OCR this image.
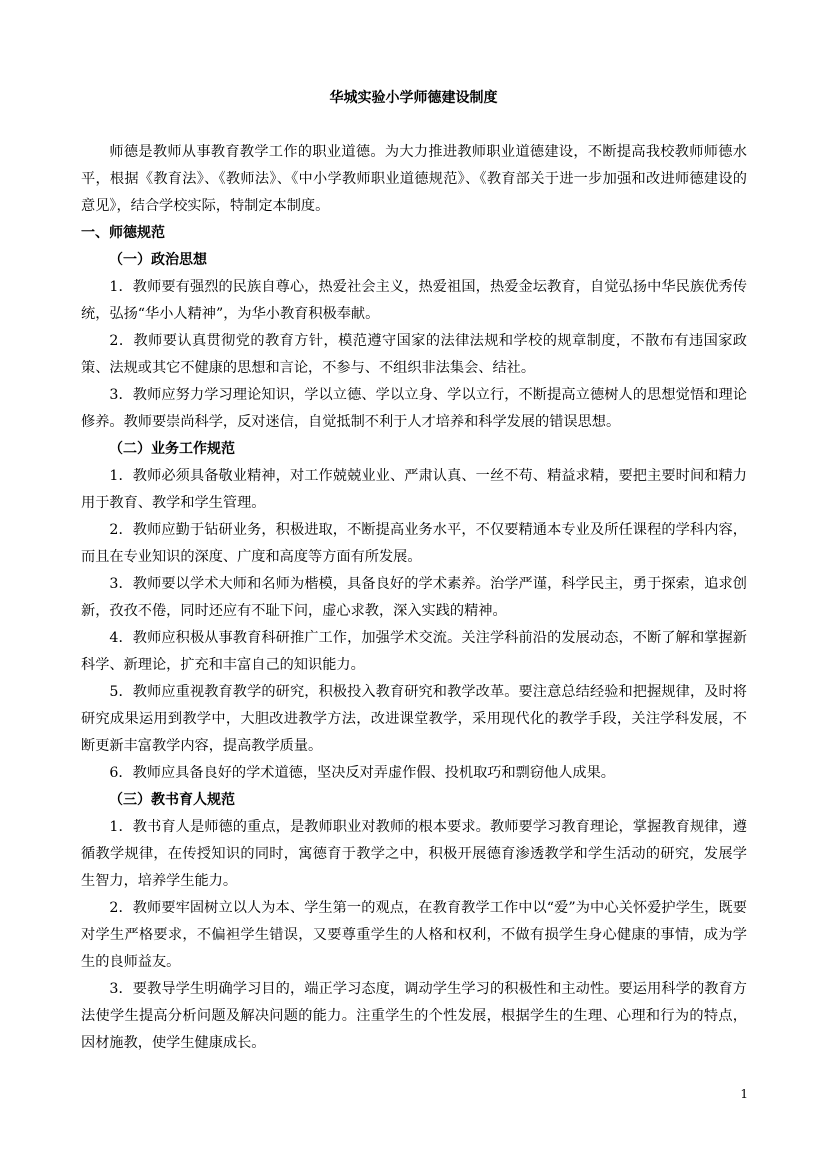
华城实验小学师德建设制度

师德是教师从事教育教学工作的职业道德。为大力推进教师职业道德建设，不断提高我校教师师德水平，根据《教育法》、《教师法》、《中小学教师职业道德规范》、《教育部关于进一步加强和改进师德建设的意见》，结合学校实际，特制定本制度。

一、师德规范

（一）政治思想

1．教师要有强烈的民族自尊心，热爱社会主义，热爱祖国，热爱金坛教育，自觉弘扬中华民族优秀传统，弘扬“华小人精神”，为华小教育积极奉献。

2．教师要认真贯彻党的教育方针，模范遵守国家的法律法规和学校的规章制度，不散布有违国家政策、法规或其它不健康的思想和言论，不参与、不组织非法集会、结社。

3．教师应努力学习理论知识，学以立德、学以立身、学以立行，不断提高立德树人的思想觉悟和理论修养。教师要崇尚科学，反对迷信，自觉抵制不利于人才培养和科学发展的错误思想。

（二）业务工作规范

1．教师必须具备敬业精神，对工作兢兢业业、严肃认真、一丝不苟、精益求精，要把主要时间和精力用于教育、教学和学生管理。

2．教师应勤于钻研业务，积极进取，不断提高业务水平，不仅要精通本专业及所任课程的学科内容，而且在专业知识的深度、广度和高度等方面有所发展。

3．教师要以学术大师和名师为楷模，具备良好的学术素养。治学严谨，科学民主，勇于探索，追求创新，孜孜不倦，同时还应有不耻下问，虚心求教，深入实践的精神。

4．教师应积极从事教育科研推广工作，加强学术交流。关注学科前沿的发展动态，不断了解和掌握新科学、新理论，扩充和丰富自己的知识能力。

5．教师应重视教育教学的研究，积极投入教育研究和教学改革。要注意总结经验和把握规律，及时将研究成果运用到教学中，大胆改进教学方法，改进课堂教学，采用现代化的教学手段，关注学科发展，不断更新丰富教学内容，提高教学质量。

6．教师应具备良好的学术道德，坚决反对弄虚作假、投机取巧和剽窃他人成果。

（三）教书育人规范

1．教书育人是师德的重点，是教师职业对教师的根本要求。教师要学习教育理论，掌握教育规律，遵循教学规律，在传授知识的同时，寓德育于教学之中，积极开展德育渗透教学和学生活动的研究，发展学生智力，培养学生能力。

2．教师要牢固树立以人为本、学生第一的观点，在教育教学工作中以“爱”为中心关怀爱护学生，既要对学生严格要求，不偏袒学生错误，又要尊重学生的人格和权利，不做有损学生身心健康的事情，成为学生的良师益友。

3．要教导学生明确学习目的，端正学习态度，调动学生学习的积极性和主动性。要运用科学的教育方法使学生提高分析问题及解决问题的能力。注重学生的个性发展，根据学生的生理、心理和行为的特点，因材施教，使学生健康成长。

1
